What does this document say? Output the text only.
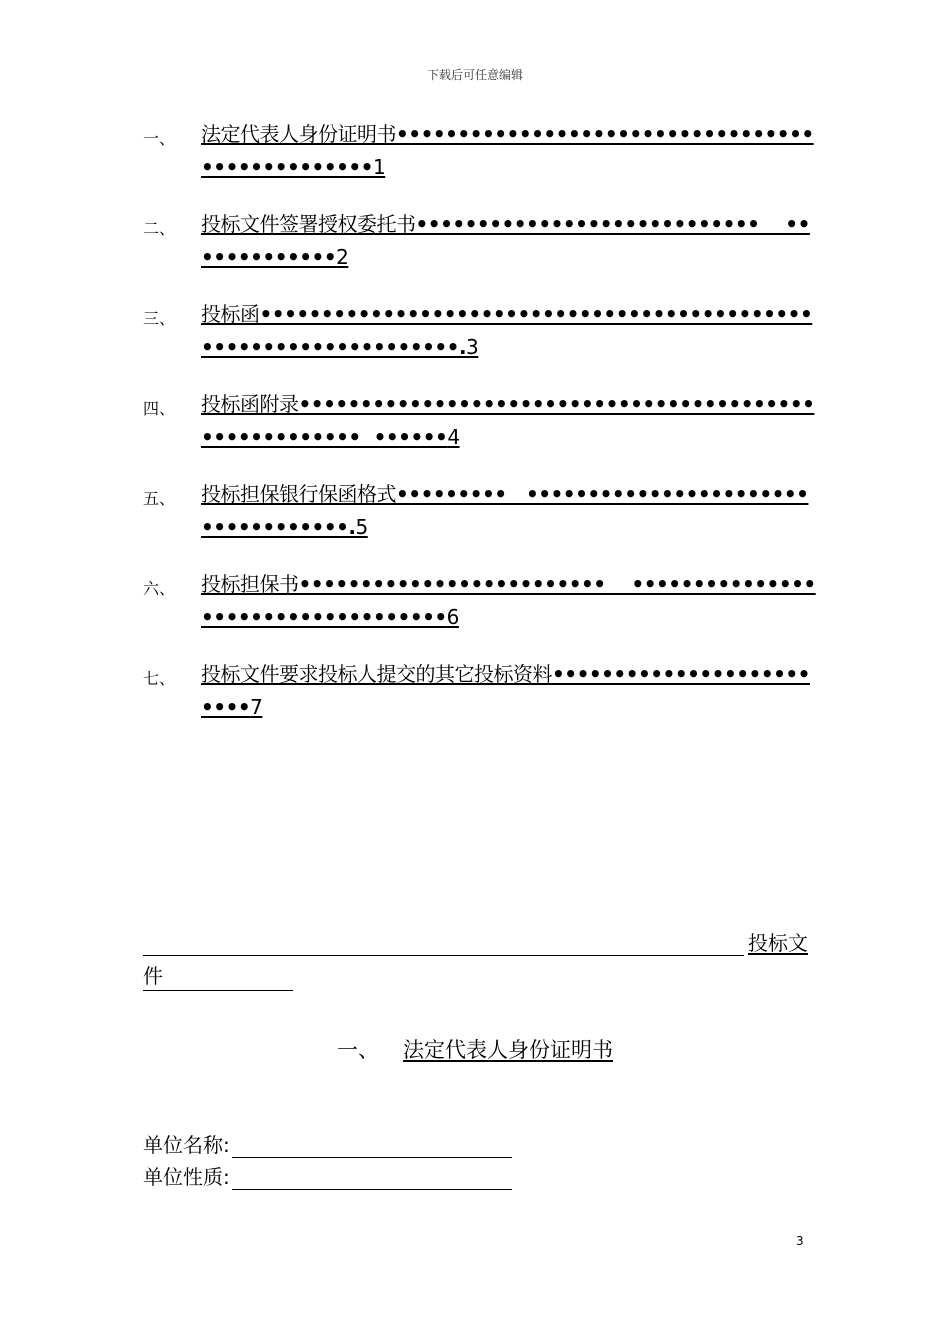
下载后可任意编辑
一、	法定代表人身份证明书••••••••••••••••••••••••••••••••••••••••••••••••1
二、	投标文件签署授权委托书••••••••••••••••••••••••••••    •••••••••••••2
三、	投标函••••••••••••••••••••••••••••••••••••••••••••••••••••••••••••••••••.3
四、	投标函附录•••••••••••••••••••••••••••••••••••••••••••••••••••••••  ••••••4
五、	投标担保银行保函格式•••••••••   •••••••••••••••••••••••••••••••••••.5
六、	投标担保书•••••••••••••••••••••••••    •••••••••••••••••••••••••••••••••••6
七、	投标文件要求投标人提交的其它投标资料•••••••••••••••••••••••••7
投标文
件
一、 法定代表人身份证明书
单位名称:
单位性质:
3
